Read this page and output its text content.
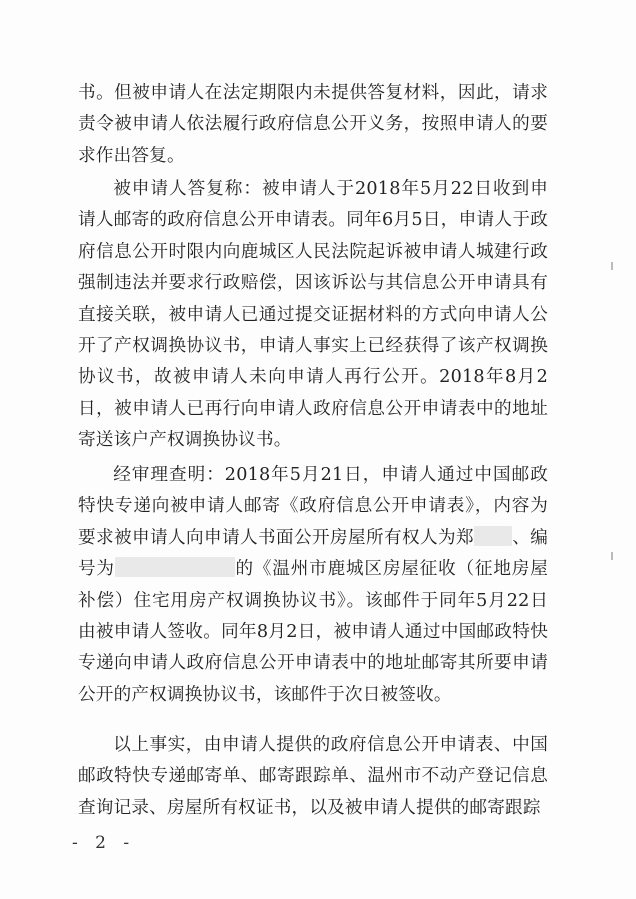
书。但被申请人在法定期限内未提供答复材料，因此，请求责令被申请人依法履行政府信息公开义务，按照申请人的要求作出答复。

被申请人答复称：被申请人于2018年5月22日收到申请人邮寄的政府信息公开申请表。同年6月5日，申请人于政府信息公开时限内向鹿城区人民法院起诉被申请人城建行政强制违法并要求行政赔偿，因该诉讼与其信息公开申请具有直接关联，被申请人已通过提交证据材料的方式向申请人公开了产权调换协议书，申请人事实上已经获得了该产权调换协议书，故被申请人未向申请人再行公开。2018年8月2日，被申请人已再行向申请人政府信息公开申请表中的地址寄送该户产权调换协议书。

经审理查明：2018年5月21日，申请人通过中国邮政特快专递向被申请人邮寄《政府信息公开申请表》，内容为要求被申请人向申请人书面公开房屋所有权人为郑 、编号为	的《温州市鹿城区房屋征收（征地房屋补偿）住宅用房产权调换协议书》。该邮件于同年5月22日由被申请人签收。同年8月2日，被申请人通过中国邮政特快专递向申请人政府信息公开申请表中的地址邮寄其所要申请公开的产权调换协议书，该邮件于次日被签收。

以上事实，由申请人提供的政府信息公开申请表、中国邮政特快专递邮寄单、邮寄跟踪单、温州市不动产登记信息查询记录、房屋所有权证书，以及被申请人提供的邮寄跟踪

- 2 -
